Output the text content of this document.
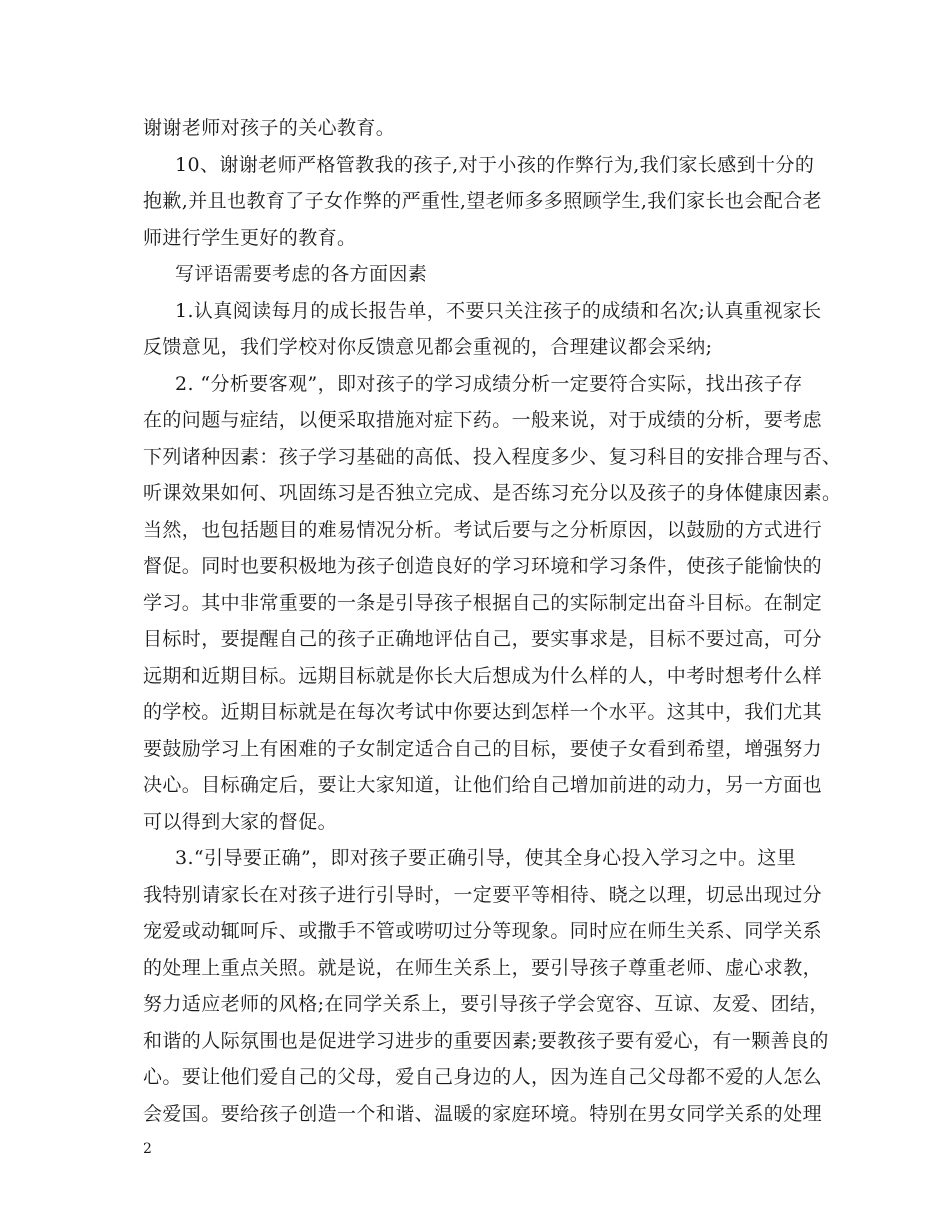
谢谢老师对孩子的关心教育。
10、谢谢老师严格管教我的孩子,对于小孩的作弊行为,我们家长感到十分的
抱歉,并且也教育了子女作弊的严重性,望老师多多照顾学生,我们家长也会配合老
师进行学生更好的教育。
写评语需要考虑的各方面因素
1.认真阅读每月的成长报告单，不要只关注孩子的成绩和名次;认真重视家长
反馈意见，我们学校对你反馈意见都会重视的，合理建议都会采纳;
2. “分析要客观”，即对孩子的学习成绩分析一定要符合实际，找出孩子存
在的问题与症结，以便采取措施对症下药。一般来说，对于成绩的分析，要考虑
下列诸种因素：孩子学习基础的高低、投入程度多少、复习科目的安排合理与否、
听课效果如何、巩固练习是否独立完成、是否练习充分以及孩子的身体健康因素。
当然，也包括题目的难易情况分析。考试后要与之分析原因，以鼓励的方式进行
督促。同时也要积极地为孩子创造良好的学习环境和学习条件，使孩子能愉快的
学习。其中非常重要的一条是引导孩子根据自己的实际制定出奋斗目标。在制定
目标时，要提醒自己的孩子正确地评估自己，要实事求是，目标不要过高，可分
远期和近期目标。远期目标就是你长大后想成为什么样的人，中考时想考什么样
的学校。近期目标就是在每次考试中你要达到怎样一个水平。这其中，我们尤其
要鼓励学习上有困难的子女制定适合自己的目标，要使子女看到希望，增强努力
决心。目标确定后，要让大家知道，让他们给自己增加前进的动力，另一方面也
可以得到大家的督促。
3.“引导要正确”，即对孩子要正确引导，使其全身心投入学习之中。这里
我特别请家长在对孩子进行引导时，一定要平等相待、晓之以理，切忌出现过分
宠爱或动辄呵斥、或撒手不管或唠叨过分等现象。同时应在师生关系、同学关系
的处理上重点关照。就是说，在师生关系上，要引导孩子尊重老师、虚心求教，
努力适应老师的风格;在同学关系上，要引导孩子学会宽容、互谅、友爱、团结，
和谐的人际氛围也是促进学习进步的重要因素;要教孩子要有爱心，有一颗善良的
心。要让他们爱自己的父母，爱自己身边的人，因为连自己父母都不爱的人怎么
会爱国。要给孩子创造一个和谐、温暖的家庭环境。特别在男女同学关系的处理
2
